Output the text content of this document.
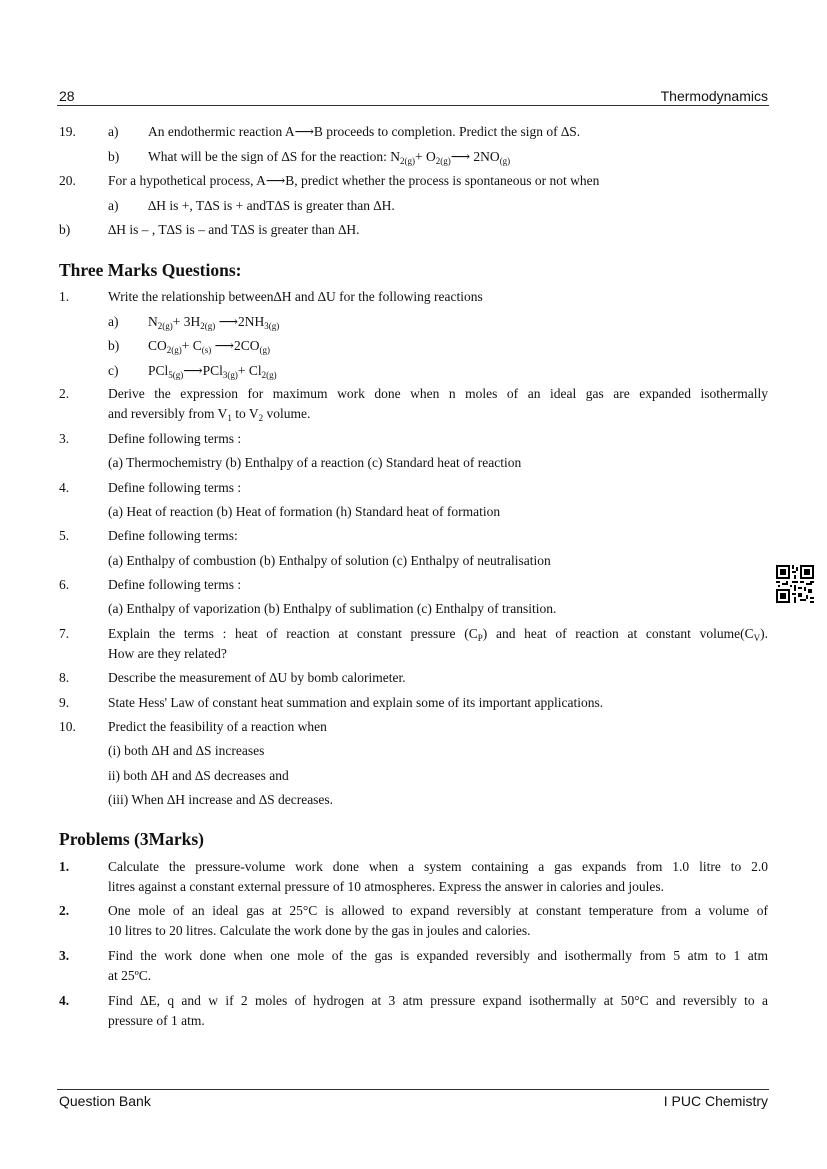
28	Thermodynamics
19. a) An endothermic reaction A⟶B proceeds to completion. Predict the sign of ∆S.
b) What will be the sign of ∆S for the reaction: $N_{2(g)}+$ $O_{2(g)}⟶$ $2NO_{(g)}$
20. For a hypothetical process, A⟶B, predict whether the process is spontaneous or not when
a) ∆H is +, T∆S is + andT∆S is greater than ∆H.
b)	∆H is – , T∆S is – and T∆S is greater than ∆H.
Three Marks Questions:
1.	Write the relationship between∆H and ∆U for the following reactions
a) $N_{2(g)}+ 3H_{2(g)}$ $⟶2NH_{3(g)}$
b) $CO_{2(g)}+ C_{(s)}$ $⟶2CO_{(g)}$
c) PCl$_{5(g)}$⟶PCl$_{3(g)}$+ $Cl_{2(g)}$
2.	Derive the expression for maximum work done when n moles of an ideal gas are expanded isothermally
and reversibly from $V_1$ to $V_2$ volume.
3.	Define following terms :
(a) Thermochemistry (b) Enthalpy of a reaction (c) Standard heat of reaction
4.	Define following terms :
(a) Heat of reaction (b) Heat of formation (h) Standard heat of formation
5.	Define following terms:
(a) Enthalpy of combustion (b) Enthalpy of solution (c) Enthalpy of neutralisation
6.	Define following terms :
(a) Enthalpy of vaporization (b) Enthalpy of sublimation (c) Enthalpy of transition.
7.	Explain the terms : heat of reaction at constant pressure $(C_P)$ and heat of reaction at constant $volume(C_V)$.
How are they related?
8.	Describe the measurement of ∆U by bomb calorimeter.
9.	State Hess' Law of constant heat summation and explain some of its important applications.
10. Predict the feasibility of a reaction when
(i) both ∆H and ∆S increases
ii) both ∆H and ∆S decreases and
(iii) When ∆H increase and ∆S decreases.
Problems (3Marks)
1.	Calculate the pressure-volume work done when a system containing a gas expands from 1.0 litre to 2.0
litres against a constant external pressure of 10 atmospheres. Express the answer in calories and joules.
2.	One mole of an ideal gas at 25°C is allowed to expand reversibly at constant temperature from a volume of
10 litres to 20 litres. Calculate the work done by the gas in joules and calories.
3.	Find the work done when one mole of the gas is expanded reversibly and isothermally from 5 atm to 1 atm
at 25ºC.
4.	Find ∆E, q and w if 2 moles of hydrogen at 3 atm pressure expand isothermally at 50°C and reversibly to a
pressure of 1 atm.
Question Bank	I PUC Chemistry
